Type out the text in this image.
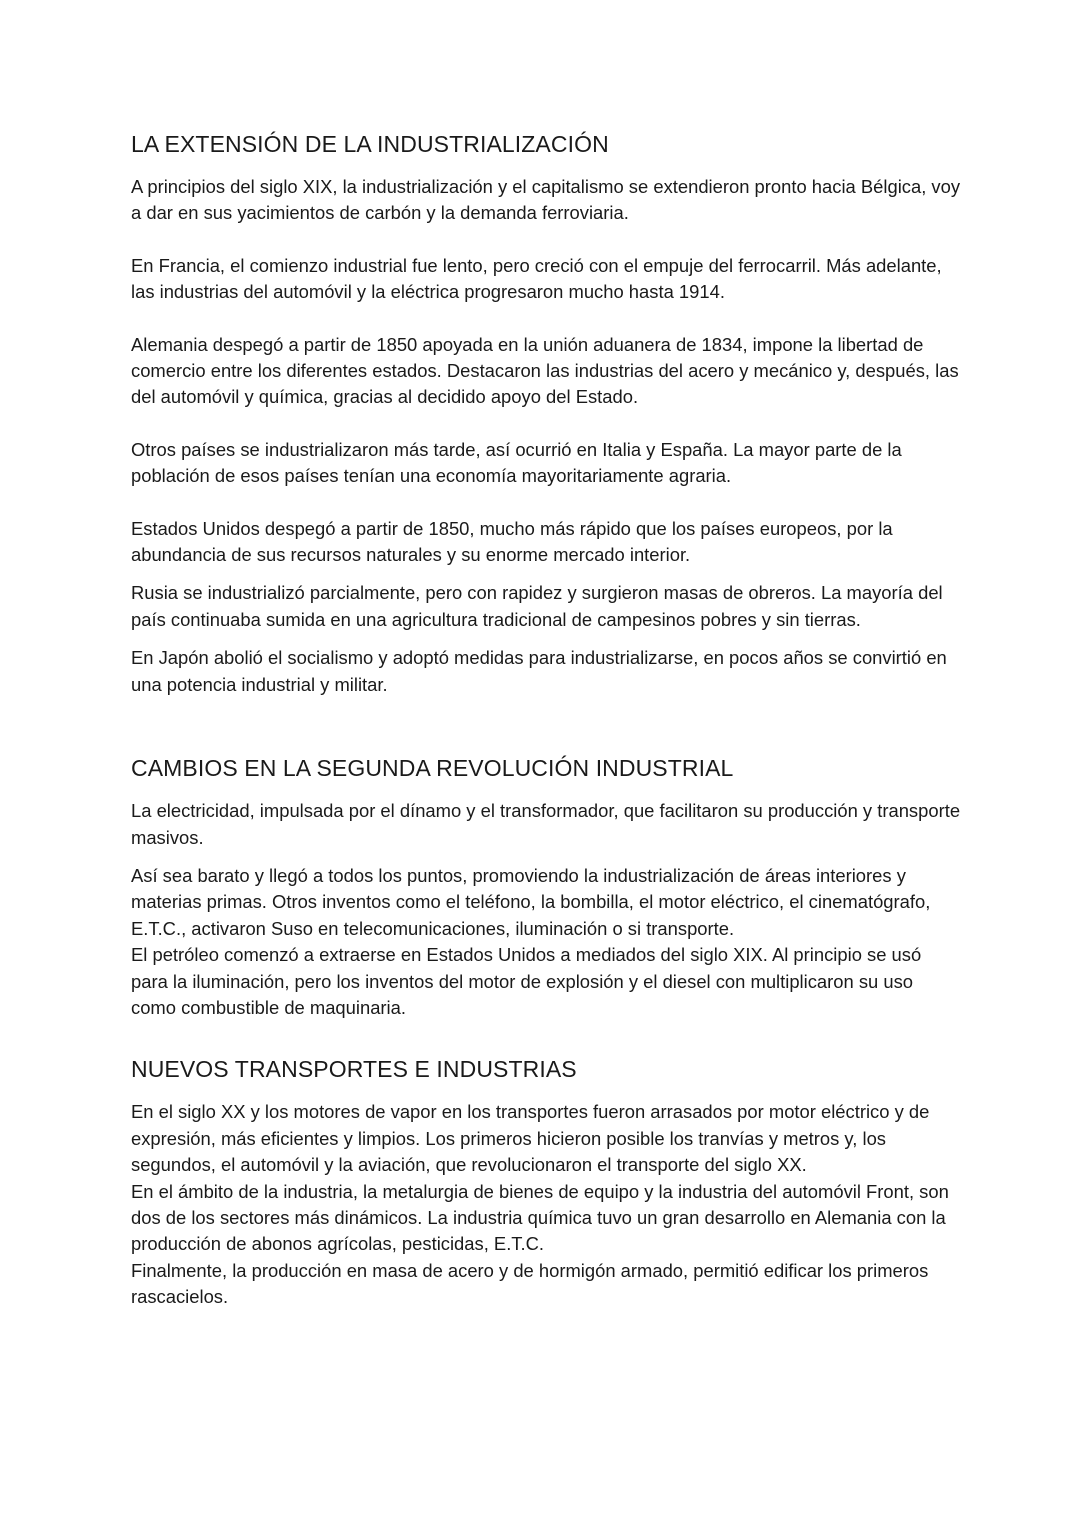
LA EXTENSIÓN DE LA INDUSTRIALIZACIÓN

A principios del siglo XIX, la industrialización y el capitalismo se extendieron pronto hacia Bélgica, voy a dar en sus yacimientos de carbón y la demanda ferroviaria.

En Francia, el comienzo industrial fue lento, pero creció con el empuje del ferrocarril. Más adelante, las industrias del automóvil y la eléctrica progresaron mucho hasta 1914.

Alemania despegó a partir de 1850 apoyada en la unión aduanera de 1834, impone la libertad de comercio entre los diferentes estados. Destacaron las industrias del acero y mecánico y, después, las del automóvil y química, gracias al decidido apoyo del Estado.

Otros países se industrializaron más tarde, así ocurrió en Italia y España. La mayor parte de la población de esos países tenían una economía mayoritariamente agraria.

Estados Unidos despegó a partir de 1850, mucho más rápido que los países europeos, por la abundancia de sus recursos naturales y su enorme mercado interior.

Rusia se industrializó parcialmente, pero con rapidez y surgieron masas de obreros. La mayoría del país continuaba sumida en una agricultura tradicional de campesinos pobres y sin tierras.

En Japón abolió el socialismo y adoptó medidas para industrializarse, en pocos años se convirtió en una potencia industrial y militar.

CAMBIOS EN LA SEGUNDA REVOLUCIÓN INDUSTRIAL

La electricidad, impulsada por el dínamo y el transformador, que facilitaron su producción y transporte masivos.

Así sea barato y llegó a todos los puntos, promoviendo la industrialización de áreas interiores y materias primas. Otros inventos como el teléfono, la bombilla, el motor eléctrico, el cinematógrafo, E.T.C., activaron Suso en telecomunicaciones, iluminación o si transporte.

El petróleo comenzó a extraerse en Estados Unidos a mediados del siglo XIX. Al principio se usó para la iluminación, pero los inventos del motor de explosión y el diesel con multiplicaron su uso como combustible de maquinaria.

NUEVOS TRANSPORTES E INDUSTRIAS

En el siglo XX y los motores de vapor en los transportes fueron arrasados por motor eléctrico y de expresión, más eficientes y limpios. Los primeros hicieron posible los tranvías y metros y, los segundos, el automóvil y la aviación, que revolucionaron el transporte del siglo XX.

En el ámbito de la industria, la metalurgia de bienes de equipo y la industria del automóvil Front, son dos de los sectores más dinámicos. La industria química tuvo un gran desarrollo en Alemania con la producción de abonos agrícolas, pesticidas, E.T.C.

Finalmente, la producción en masa de acero y de hormigón armado, permitió edificar los primeros rascacielos.
